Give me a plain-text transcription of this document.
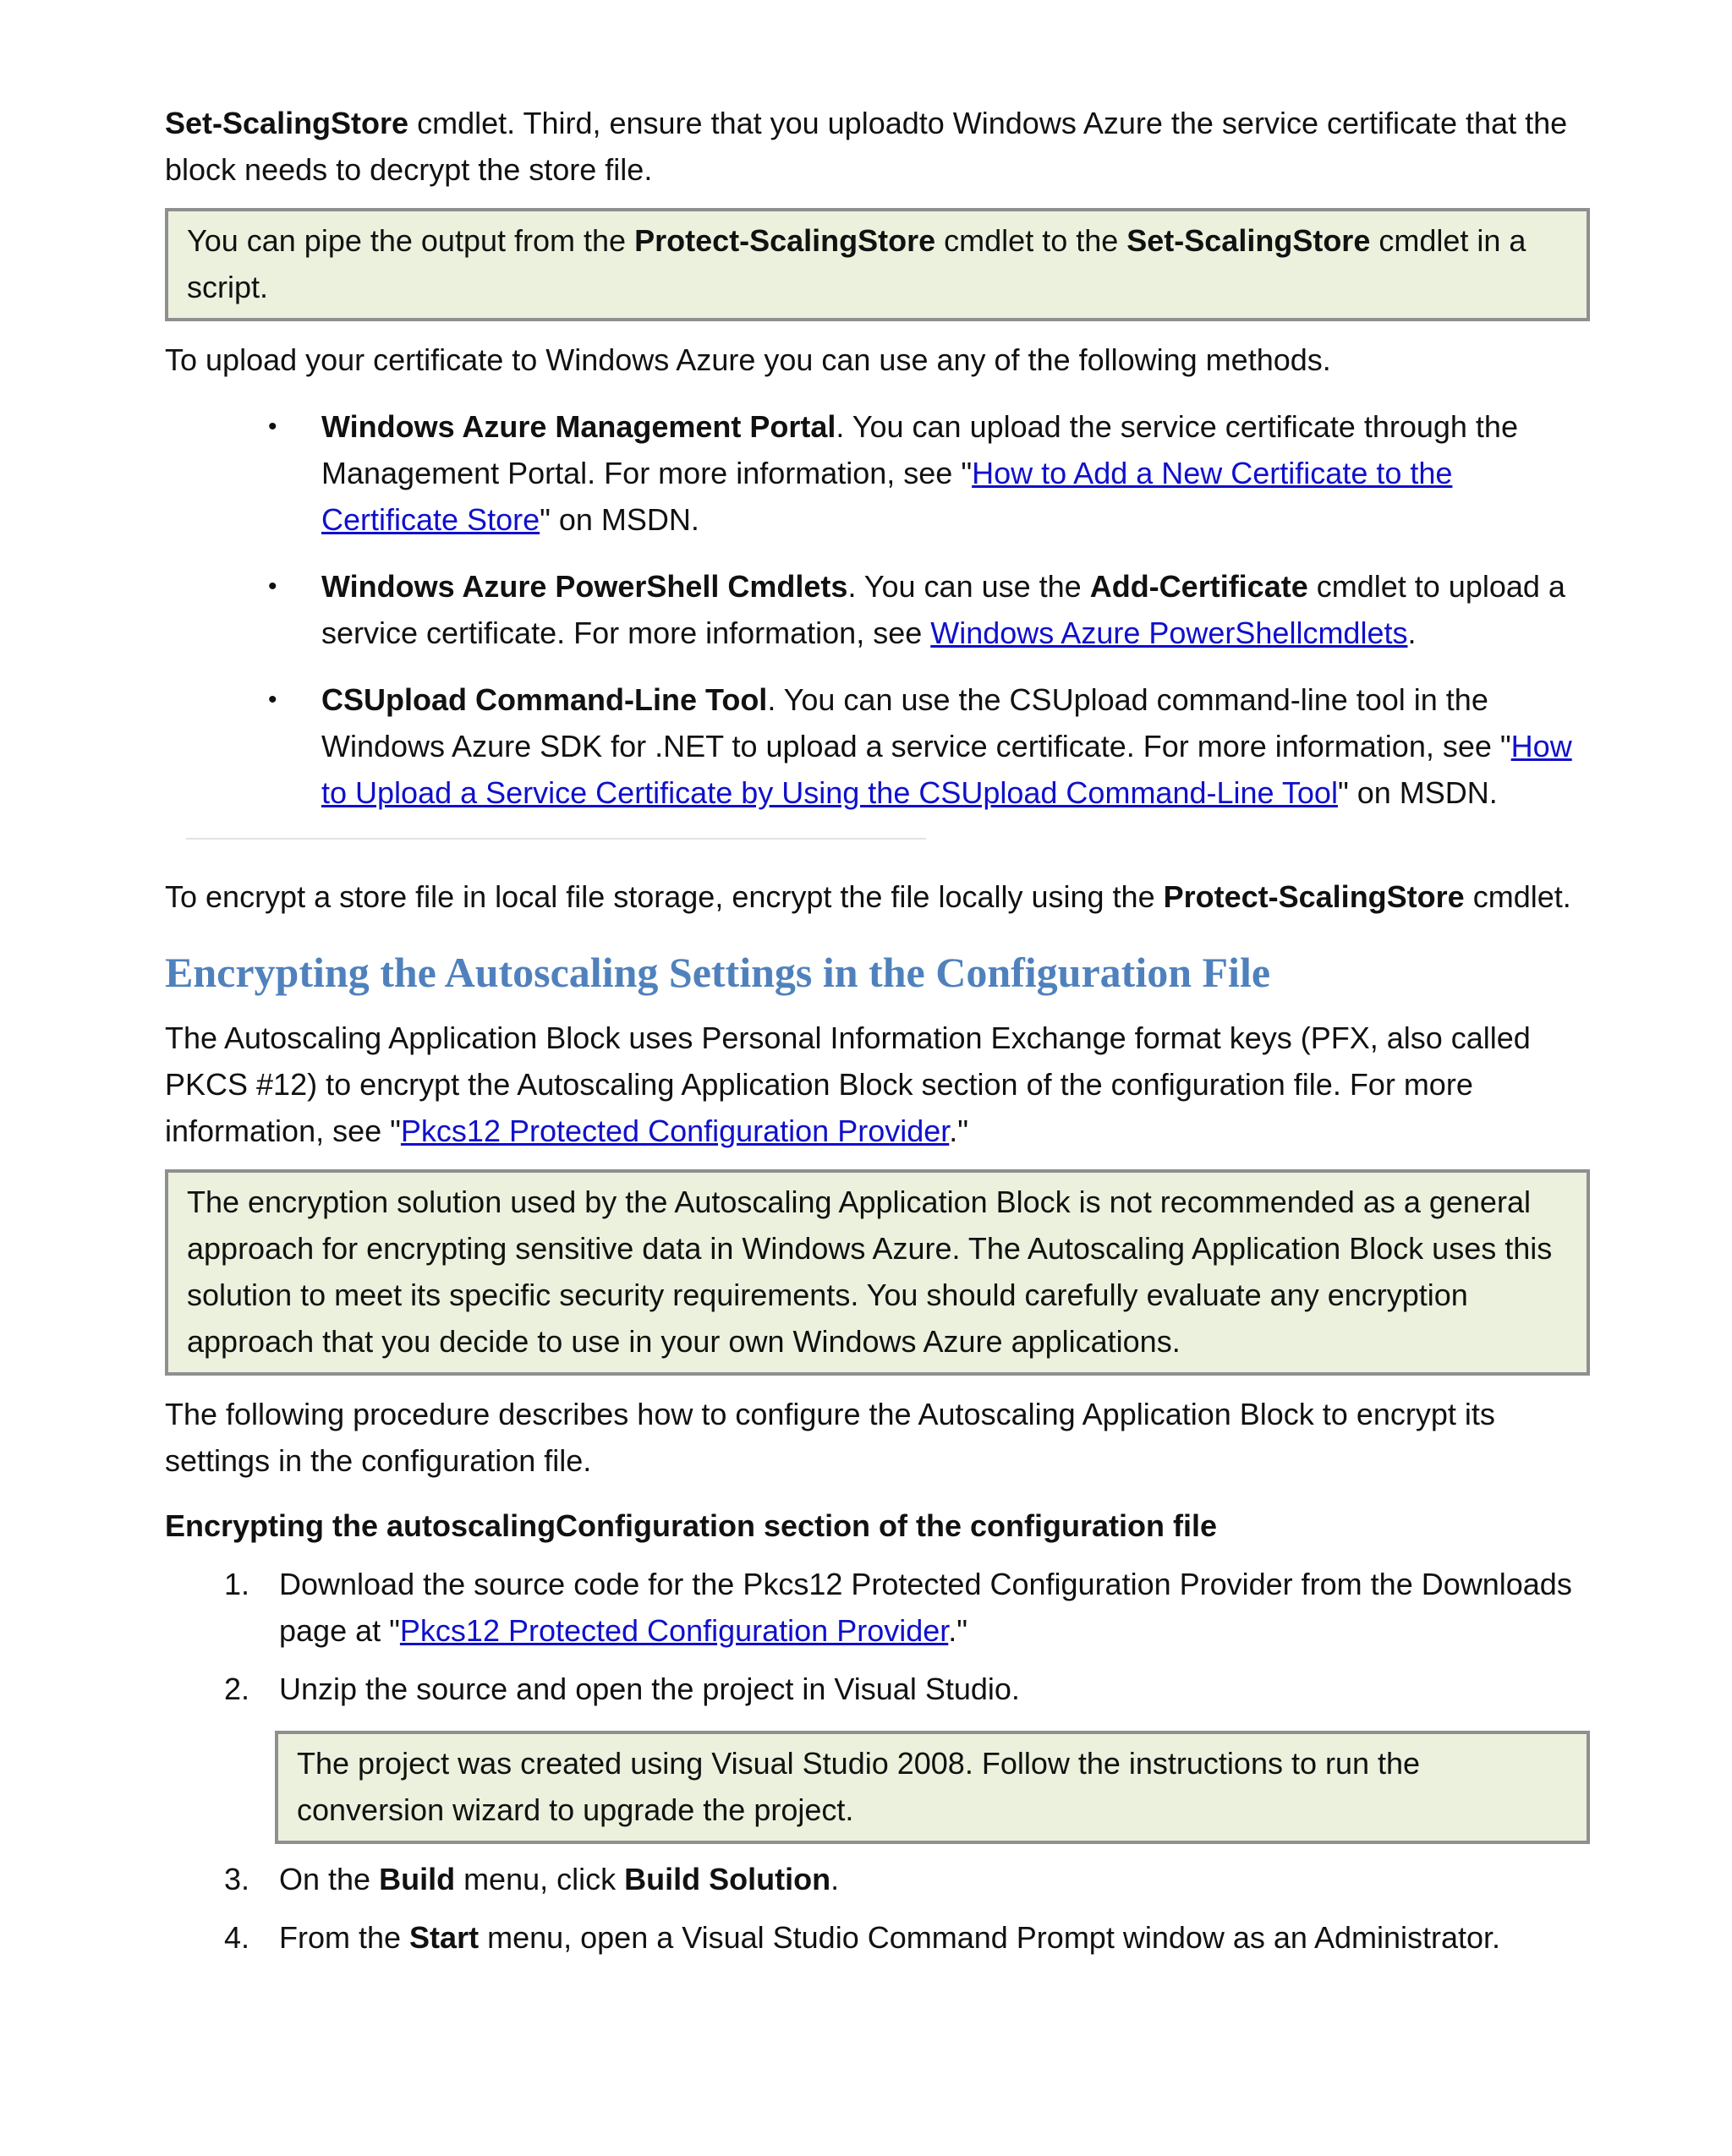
Set-ScalingStore cmdlet. Third, ensure that you uploadto Windows Azure the service certificate that the block needs to decrypt the store file.

You can pipe the output from the Protect-ScalingStore cmdlet to the Set-ScalingStore cmdlet in a script.

To upload your certificate to Windows Azure you can use any of the following methods.

• Windows Azure Management Portal. You can upload the service certificate through the Management Portal. For more information, see "How to Add a New Certificate to the Certificate Store" on MSDN.
• Windows Azure PowerShell Cmdlets. You can use the Add-Certificate cmdlet to upload a service certificate. For more information, see Windows Azure PowerShellcmdlets.
• CSUpload Command-Line Tool. You can use the CSUpload command-line tool in the Windows Azure SDK for .NET to upload a service certificate. For more information, see "How to Upload a Service Certificate by Using the CSUpload Command-Line Tool" on MSDN.

To encrypt a store file in local file storage, encrypt the file locally using the Protect-ScalingStore cmdlet.

Encrypting the Autoscaling Settings in the Configuration File

The Autoscaling Application Block uses Personal Information Exchange format keys (PFX, also called PKCS #12) to encrypt the Autoscaling Application Block section of the configuration file. For more information, see "Pkcs12 Protected Configuration Provider."

The encryption solution used by the Autoscaling Application Block is not recommended as a general approach for encrypting sensitive data in Windows Azure. The Autoscaling Application Block uses this solution to meet its specific security requirements. You should carefully evaluate any encryption approach that you decide to use in your own Windows Azure applications.

The following procedure describes how to configure the Autoscaling Application Block to encrypt its settings in the configuration file.

Encrypting the autoscalingConfiguration section of the configuration file

1. Download the source code for the Pkcs12 Protected Configuration Provider from the Downloads page at "Pkcs12 Protected Configuration Provider."
2. Unzip the source and open the project in Visual Studio.
The project was created using Visual Studio 2008. Follow the instructions to run the conversion wizard to upgrade the project.
3. On the Build menu, click Build Solution.
4. From the Start menu, open a Visual Studio Command Prompt window as an Administrator.
